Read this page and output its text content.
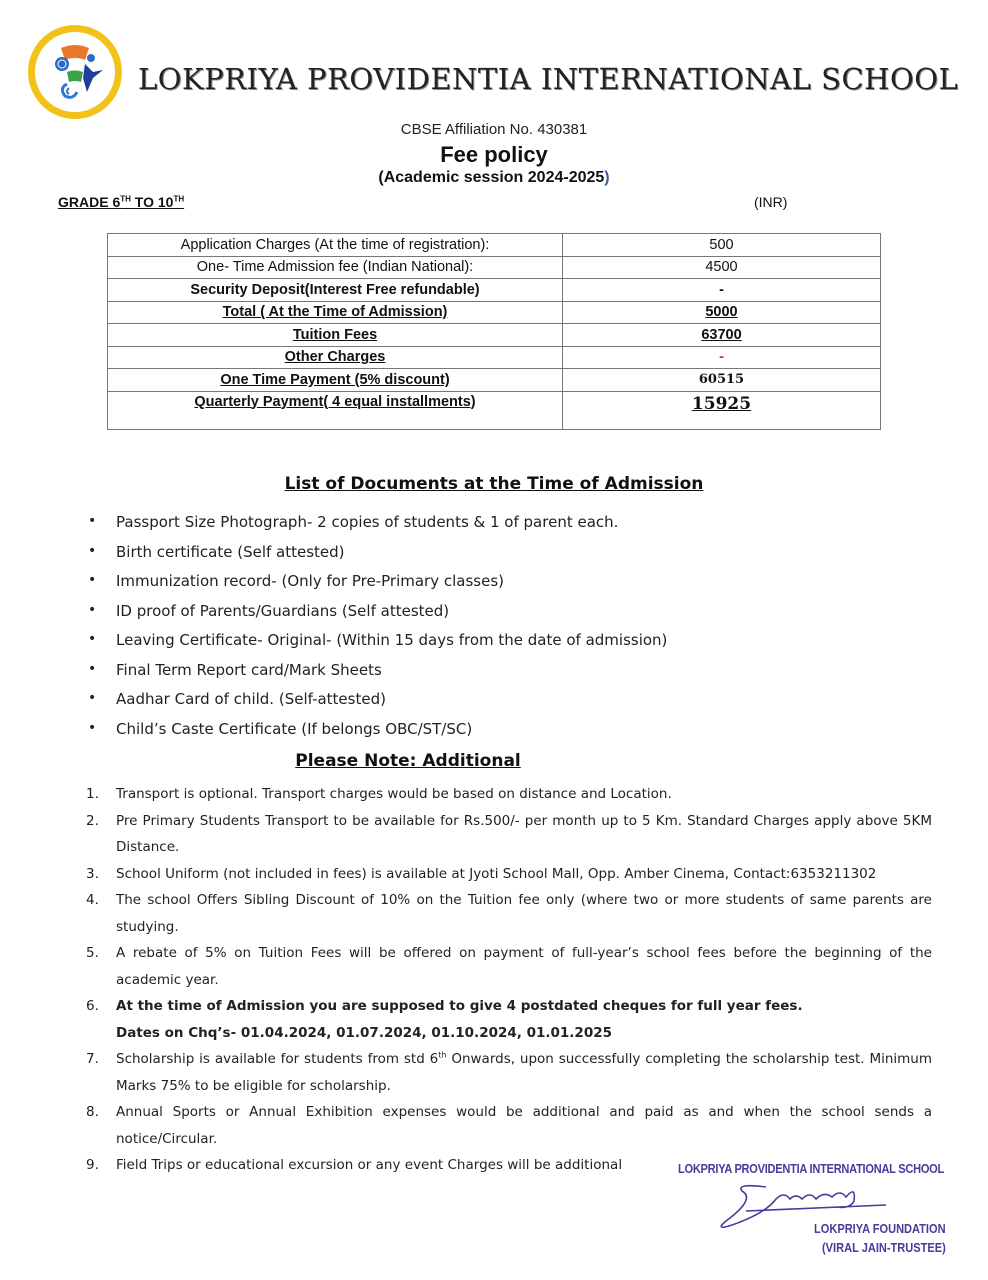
LOKPRIYA PROVIDENTIA INTERNATIONAL SCHOOL
CBSE Affiliation No. 430381
Fee policy
(Academic session 2024-2025)
GRADE 6TH TO 10TH	(INR)
Application Charges (At the time of registration):	500
One- Time Admission fee (Indian National):	4500
Security Deposit(Interest Free refundable)	-
Total ( At the Time of Admission)	5000
Tuition Fees	63700
Other Charges	-
One Time Payment (5% discount)	60515
Quarterly Payment( 4 equal installments)	15925
List of Documents at the Time of Admission
• Passport Size Photograph- 2 copies of students & 1 of parent each.
• Birth certificate (Self attested)
• Immunization record- (Only for Pre-Primary classes)
• ID proof of Parents/Guardians (Self attested)
• Leaving Certificate- Original- (Within 15 days from the date of admission)
• Final Term Report card/Mark Sheets
• Aadhar Card of child. (Self-attested)
• Child’s Caste Certificate (If belongs OBC/ST/SC)
Please Note: Additional
1. Transport is optional. Transport charges would be based on distance and Location.
2. Pre Primary Students Transport to be available for Rs.500/- per month up to 5 Km. Standard Charges apply above 5KM Distance.
3. School Uniform (not included in fees) is available at Jyoti School Mall, Opp. Amber Cinema, Contact:6353211302
4. The school Offers Sibling Discount of 10% on the Tuition fee only (where two or more students of same parents are studying.
5. A rebate of 5% on Tuition Fees will be offered on payment of full-year’s school fees before the beginning of the academic year.
6. At the time of Admission you are supposed to give 4 postdated cheques for full year fees.
Dates on Chq’s- 01.04.2024, 01.07.2024, 01.10.2024, 01.01.2025
7. Scholarship is available for students from std 6th Onwards, upon successfully completing the scholarship test. Minimum Marks 75% to be eligible for scholarship.
8. Annual Sports or Annual Exhibition expenses would be additional and paid as and when the school sends a notice/Circular.
9. Field Trips or educational excursion or any event Charges will be additional	LOKPRIYA PROVIDENTIA INTERNATIONAL SCHOOL
LOKPRIYA FOUNDATION
(VIRAL JAIN-TRUSTEE)
